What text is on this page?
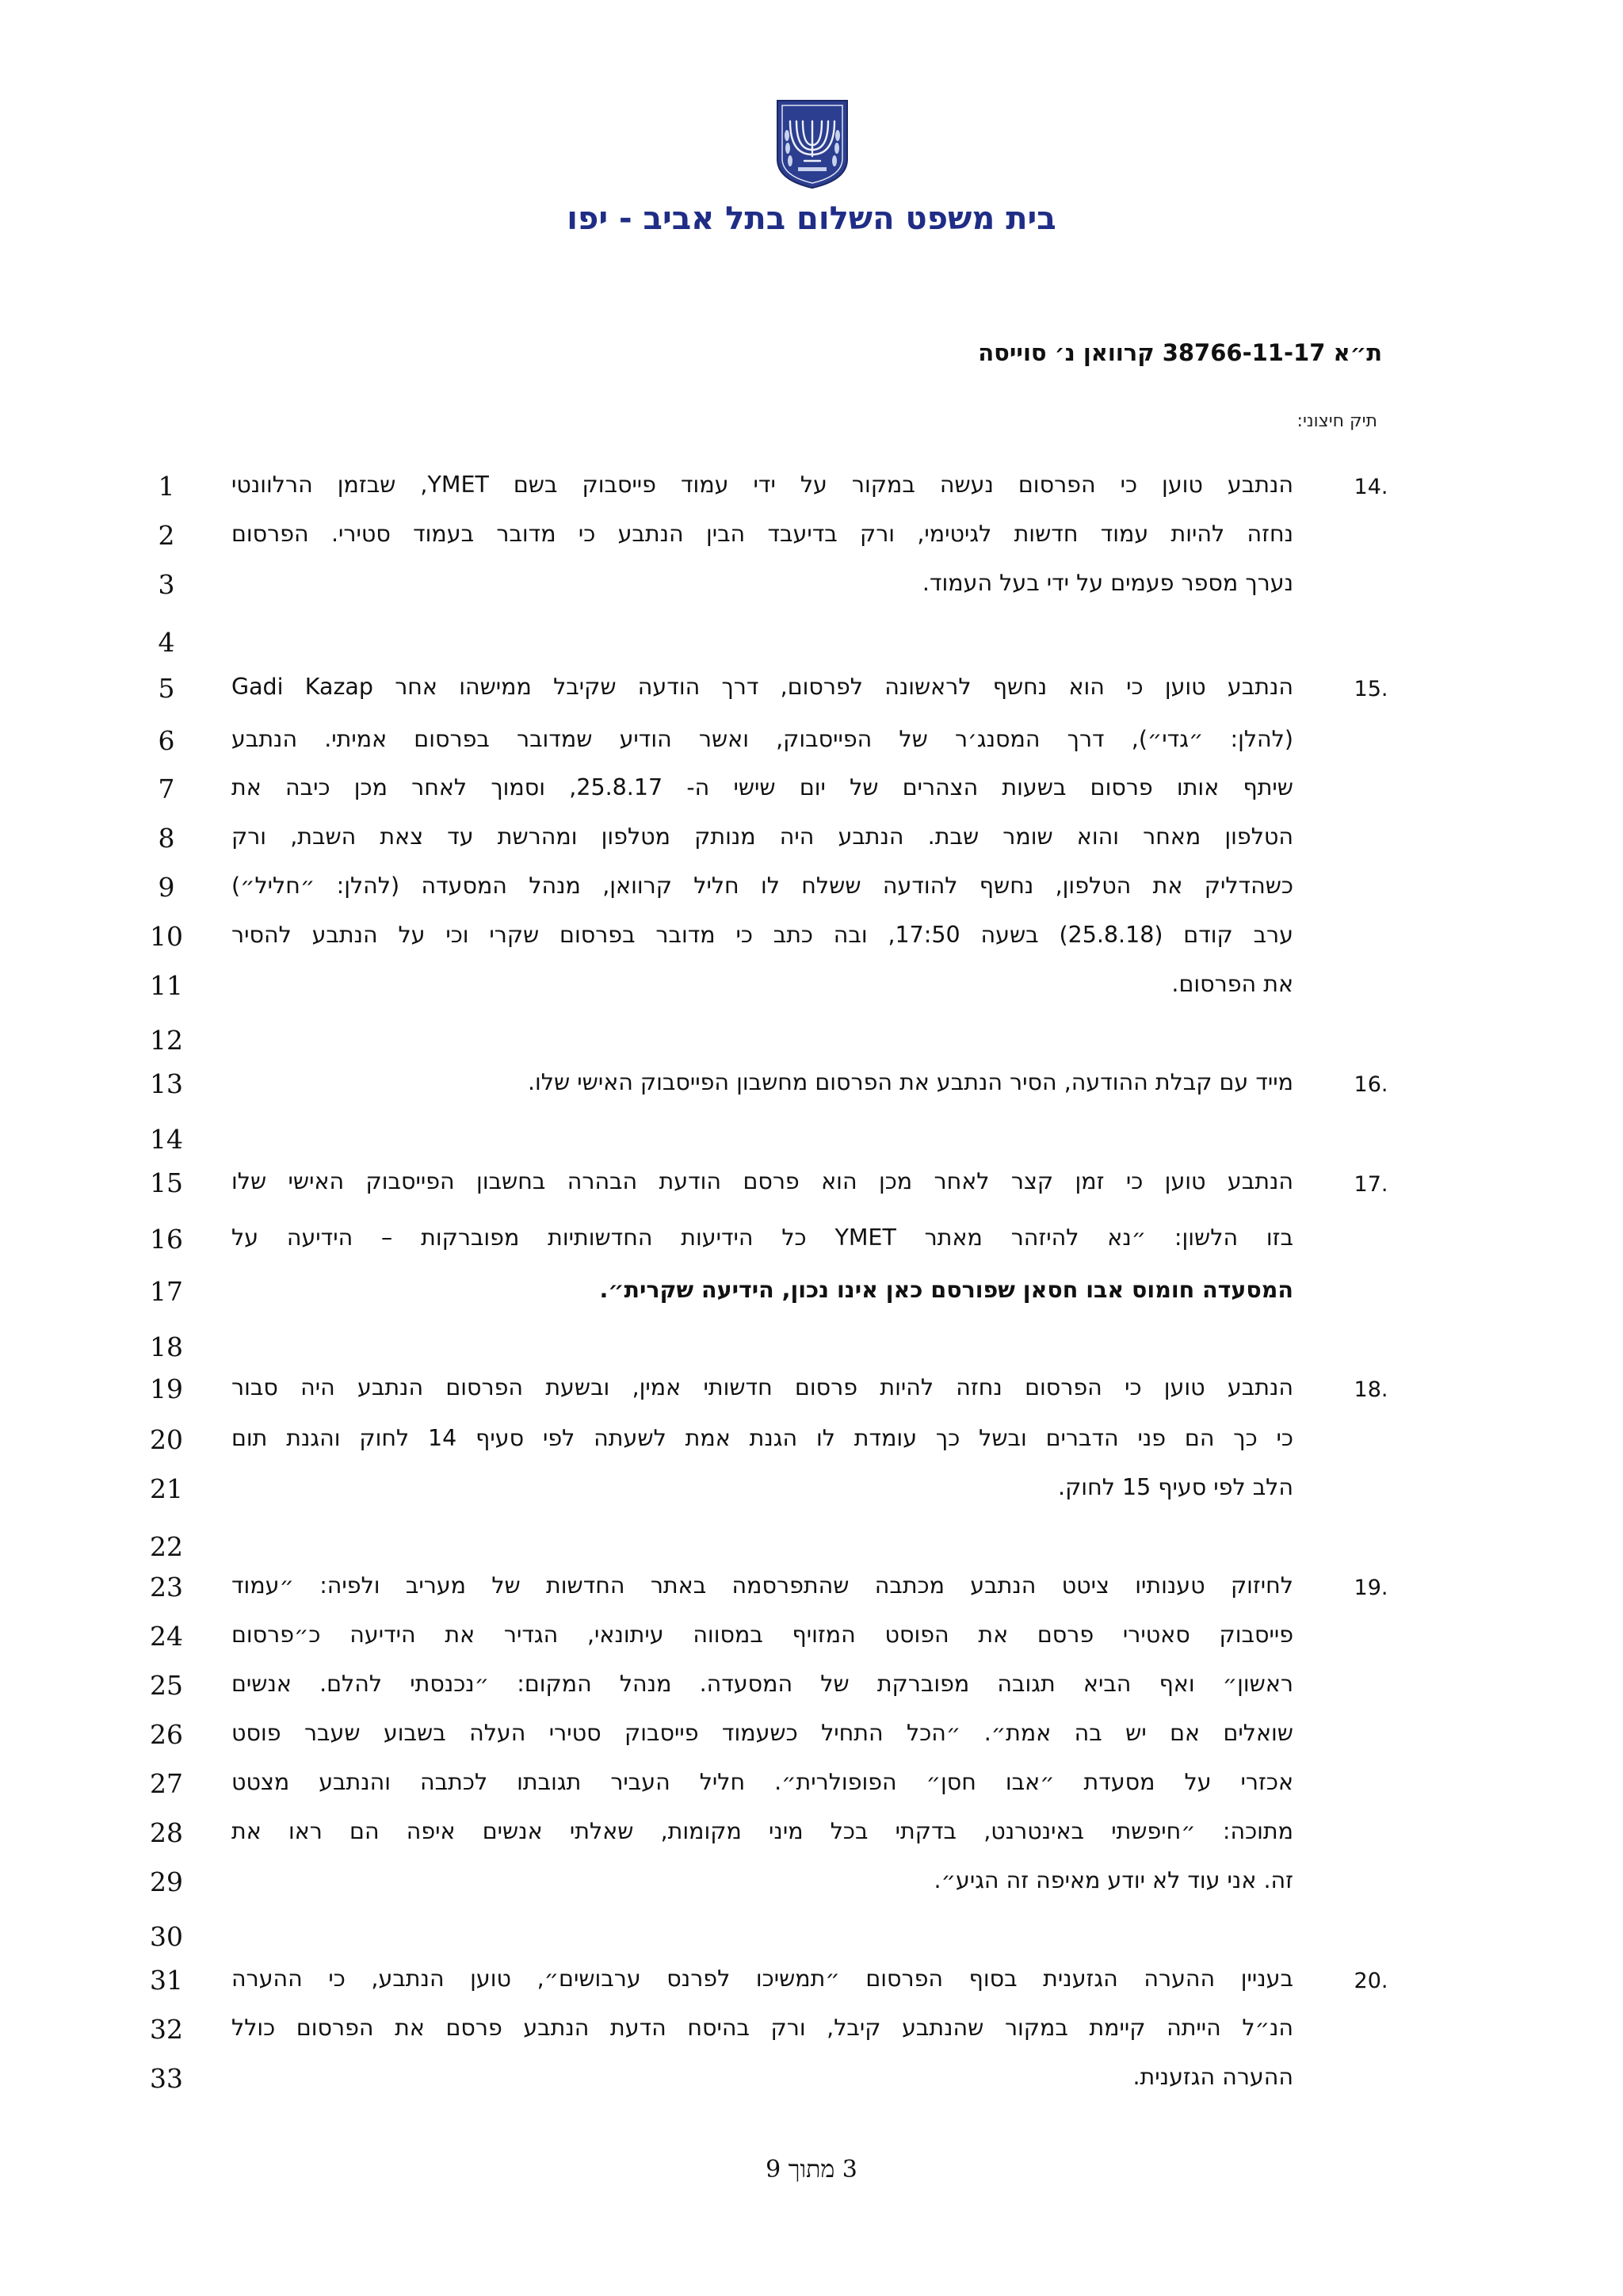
בית משפט השלום בתל אביב - יפו
ת״א 38766-11-17 קרוואן נ׳ סוייסה
תיק חיצוני:
1
2
3
4
5
6
7
8
9
10
11
12
13
14
15
16
17
18
19
20
21
22
23
24
25
26
27
28
29
30
31
32
33
14.
הנתבע טוען כי הפרסום נעשה במקור על ידי עמוד פייסבוק בשם YMET, שבזמן הרלוונטי
נחזה להיות עמוד חדשות לגיטימי, ורק בדיעבד הבין הנתבע כי מדובר בעמוד סטירי. הפרסום
נערך מספר פעמים על ידי בעל העמוד.
15.
הנתבע טוען כי הוא נחשף לראשונה לפרסום, דרך הודעה שקיבל ממישהו אחר Gadi Kazap
(להלן: ״גדי״), דרך המסנג׳ר של הפייסבוק, ואשר הודיע שמדובר בפרסום אמיתי. הנתבע
שיתף אותו פרסום בשעות הצהרים של יום שישי ה- 25.8.17, וסמוך לאחר מכן כיבה את
הטלפון מאחר והוא שומר שבת. הנתבע היה מנותק מטלפון ומהרשת עד צאת השבת, ורק
כשהדליק את הטלפון, נחשף להודעה ששלח לו חליל קרוואן, מנהל המסעדה (להלן: ״חליל״)
ערב קודם (25.8.18) בשעה 17:50, ובה כתב כי מדובר בפרסום שקרי וכי על הנתבע להסיר
את הפרסום.
16.
מייד עם קבלת ההודעה, הסיר הנתבע את הפרסום מחשבון הפייסבוק האישי שלו.
17.
הנתבע טוען כי זמן קצר לאחר מכן הוא פרסם הודעת הבהרה בחשבון הפייסבוק האישי שלו
בזו הלשון: ״נא להיזהר מאתר YMET כל הידיעות החדשותיות מפוברקות – הידיעה על
המסעדה חומוס אבו חסאן שפורסם כאן אינו נכון, הידיעה שקרית״.
18.
הנתבע טוען כי הפרסום נחזה להיות פרסום חדשותי אמין, ובשעת הפרסום הנתבע היה סבור
כי כך הם פני הדברים ובשל כך עומדת לו הגנת אמת לשעתה לפי סעיף 14 לחוק והגנת תום
הלב לפי סעיף 15 לחוק.
19.
לחיזוק טענותיו ציטט הנתבע מכתבה שהתפרסמה באתר החדשות של מעריב ולפיה: ״עמוד
פייסבוק סאטירי פרסם את הפוסט המזויף במסווה עיתונאי, הגדיר את הידיעה כ״פרסום
ראשון״ ואף הביא תגובה מפוברקת של המסעדה. מנהל המקום: ״נכנסתי להלם. אנשים
שואלים אם יש בה אמת״. ״הכל התחיל כשעמוד פייסבוק סטירי העלה בשבוע שעבר פוסט
אכזרי על מסעדת ״אבו חסן״ הפופולרית״. חליל העביר תגובתו לכתבה והנתבע מצטט
מתוכה: ״חיפשתי באינטרנט, בדקתי בכל מיני מקומות, שאלתי אנשים איפה הם ראו את
זה. אני עוד לא יודע מאיפה זה הגיע״.
20.
בעניין ההערה הגזענית בסוף הפרסום ״תמשיכו לפרנס ערבושים״, טוען הנתבע, כי ההערה
הנ״ל הייתה קיימת במקור שהנתבע קיבל, ורק בהיסח הדעת הנתבע פרסם את הפרסום כולל
ההערה הגזענית.
3 מתוך 9
